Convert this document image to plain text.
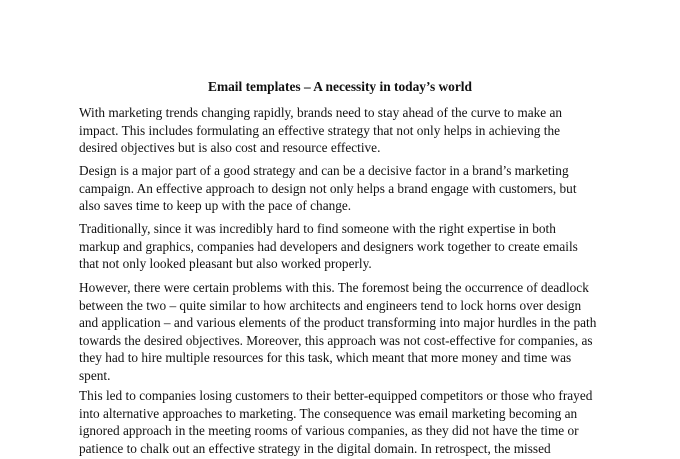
Email templates – A necessity in today’s world

With marketing trends changing rapidly, brands need to stay ahead of the curve to make an
impact. This includes formulating an effective strategy that not only helps in achieving the
desired objectives but is also cost and resource effective.

Design is a major part of a good strategy and can be a decisive factor in a brand’s marketing
campaign. An effective approach to design not only helps a brand engage with customers, but
also saves time to keep up with the pace of change.

Traditionally, since it was incredibly hard to find someone with the right expertise in both
markup and graphics, companies had developers and designers work together to create emails
that not only looked pleasant but also worked properly.

However, there were certain problems with this. The foremost being the occurrence of deadlock
between the two – quite similar to how architects and engineers tend to lock horns over design
and application – and various elements of the product transforming into major hurdles in the path
towards the desired objectives. Moreover, this approach was not cost-effective for companies, as
they had to hire multiple resources for this task, which meant that more money and time was
spent.

This led to companies losing customers to their better-equipped competitors or those who frayed
into alternative approaches to marketing. The consequence was email marketing becoming an
ignored approach in the meeting rooms of various companies, as they did not have the time or
patience to chalk out an effective strategy in the digital domain. In retrospect, the missed
